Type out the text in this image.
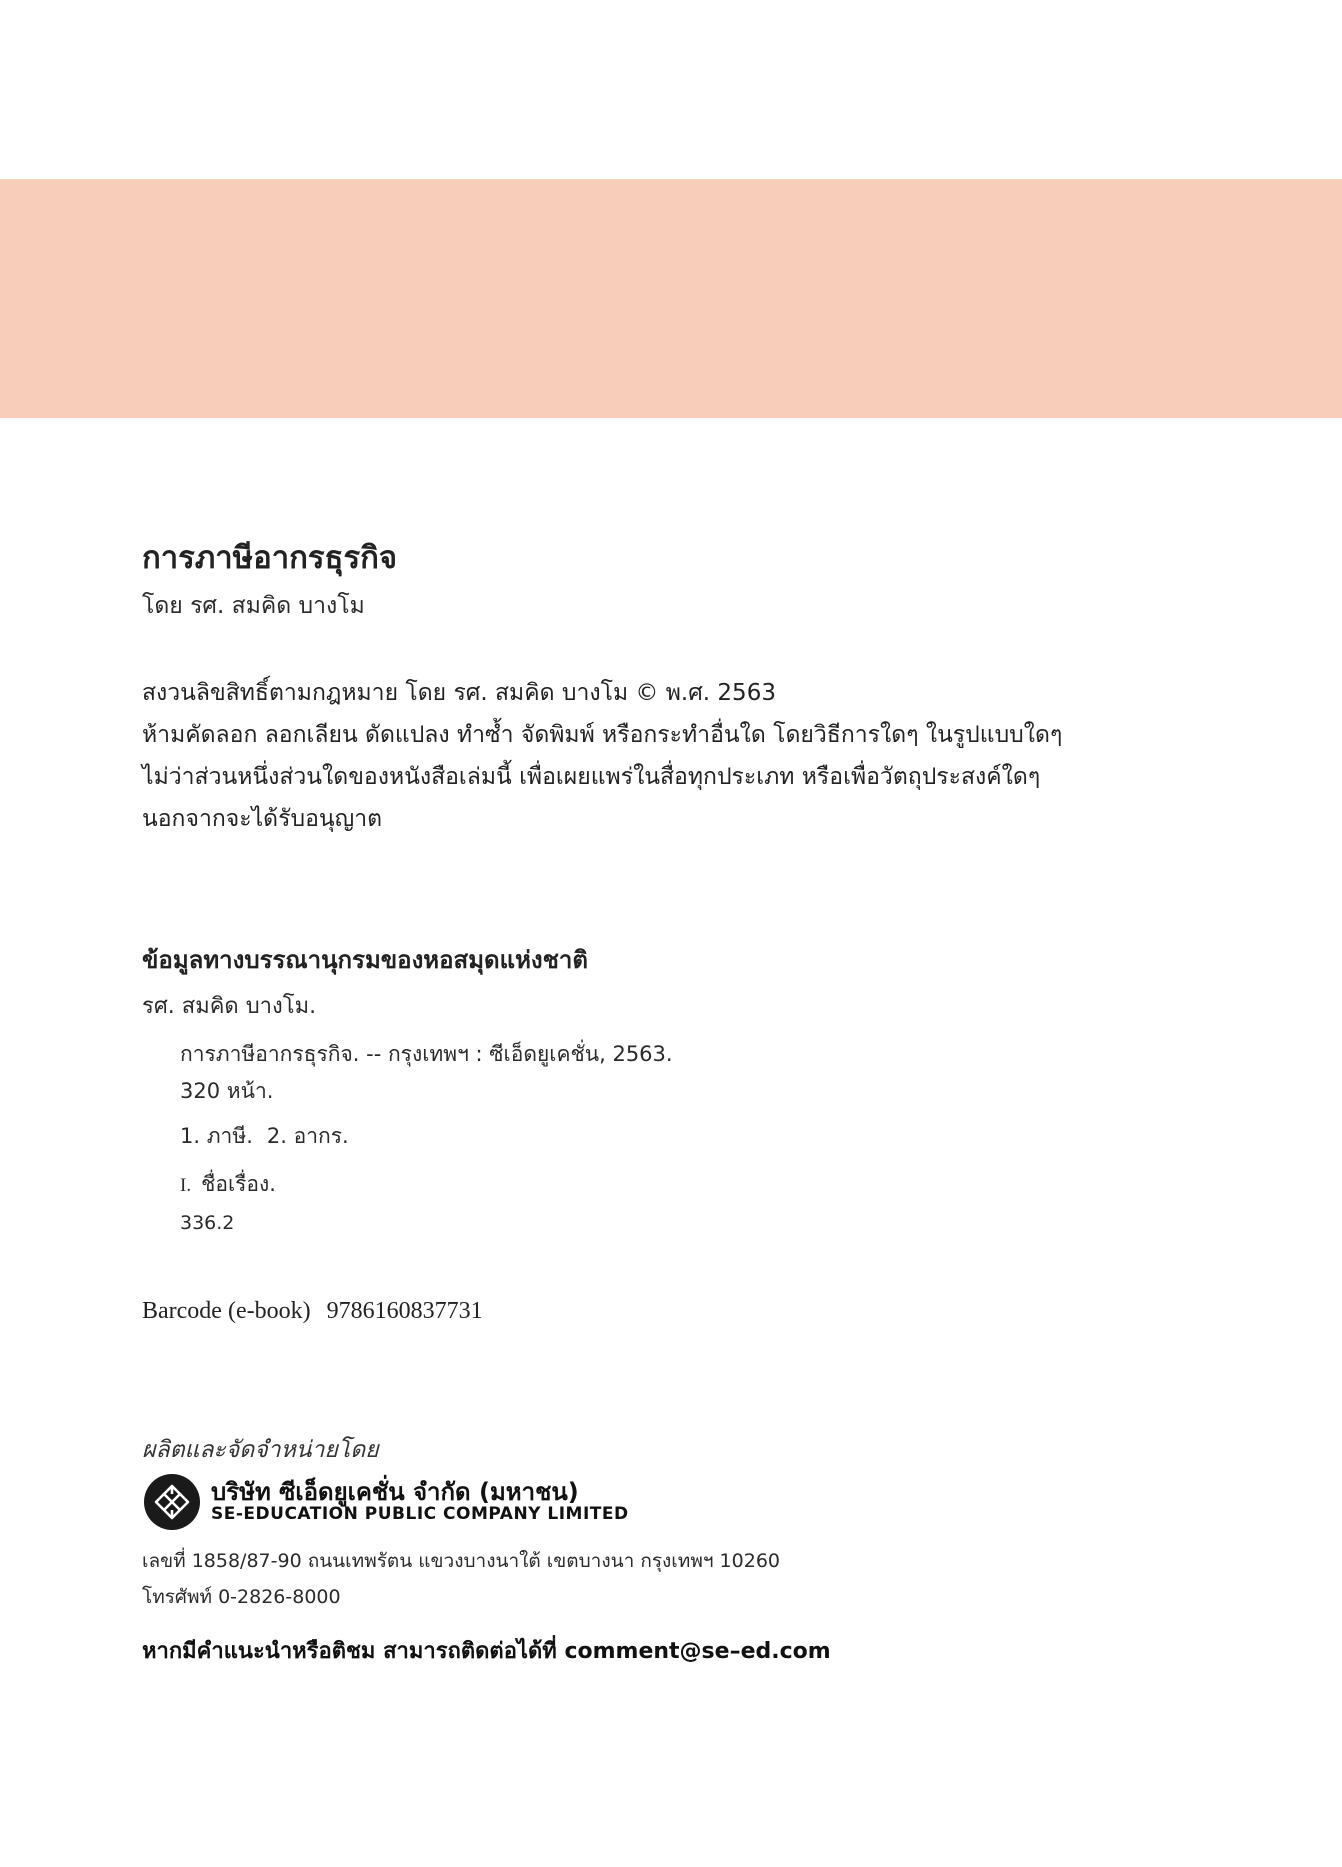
การภาษีอากรธุรกิจ
โดย รศ. สมคิด บางโม
สงวนลิขสิทธิ์ตามกฎหมาย โดย รศ. สมคิด บางโม © พ.ศ. 2563
ห้ามคัดลอก ลอกเลียน ดัดแปลง ทำซ้ำ จัดพิมพ์ หรือกระทำอื่นใด โดยวิธีการใดๆ ในรูปแบบใดๆ
ไม่ว่าส่วนหนึ่งส่วนใดของหนังสือเล่มนี้ เพื่อเผยแพร่ในสื่อทุกประเภท หรือเพื่อวัตถุประสงค์ใดๆ
นอกจากจะได้รับอนุญาต
ข้อมูลทางบรรณานุกรมของหอสมุดแห่งชาติ
รศ. สมคิด บางโม.
การภาษีอากรธุรกิจ. -- กรุงเทพฯ : ซีเอ็ดยูเคชั่น, 2563.
320 หน้า.
1. ภาษี. 2. อากร.
I. ชื่อเรื่อง.
336.2
Barcode (e-book) 9786160837731
ผลิตและจัดจำหน่ายโดย
บริษัท ซีเอ็ดยูเคชั่น จำกัด (มหาชน)
SE-EDUCATION PUBLIC COMPANY LIMITED
เลขที่ 1858/87-90 ถนนเทพรัตน แขวงบางนาใต้ เขตบางนา กรุงเทพฯ 10260
โทรศัพท์ 0-2826-8000
หากมีคำแนะนำหรือติชม สามารถติดต่อได้ที่ comment@se–ed.com
